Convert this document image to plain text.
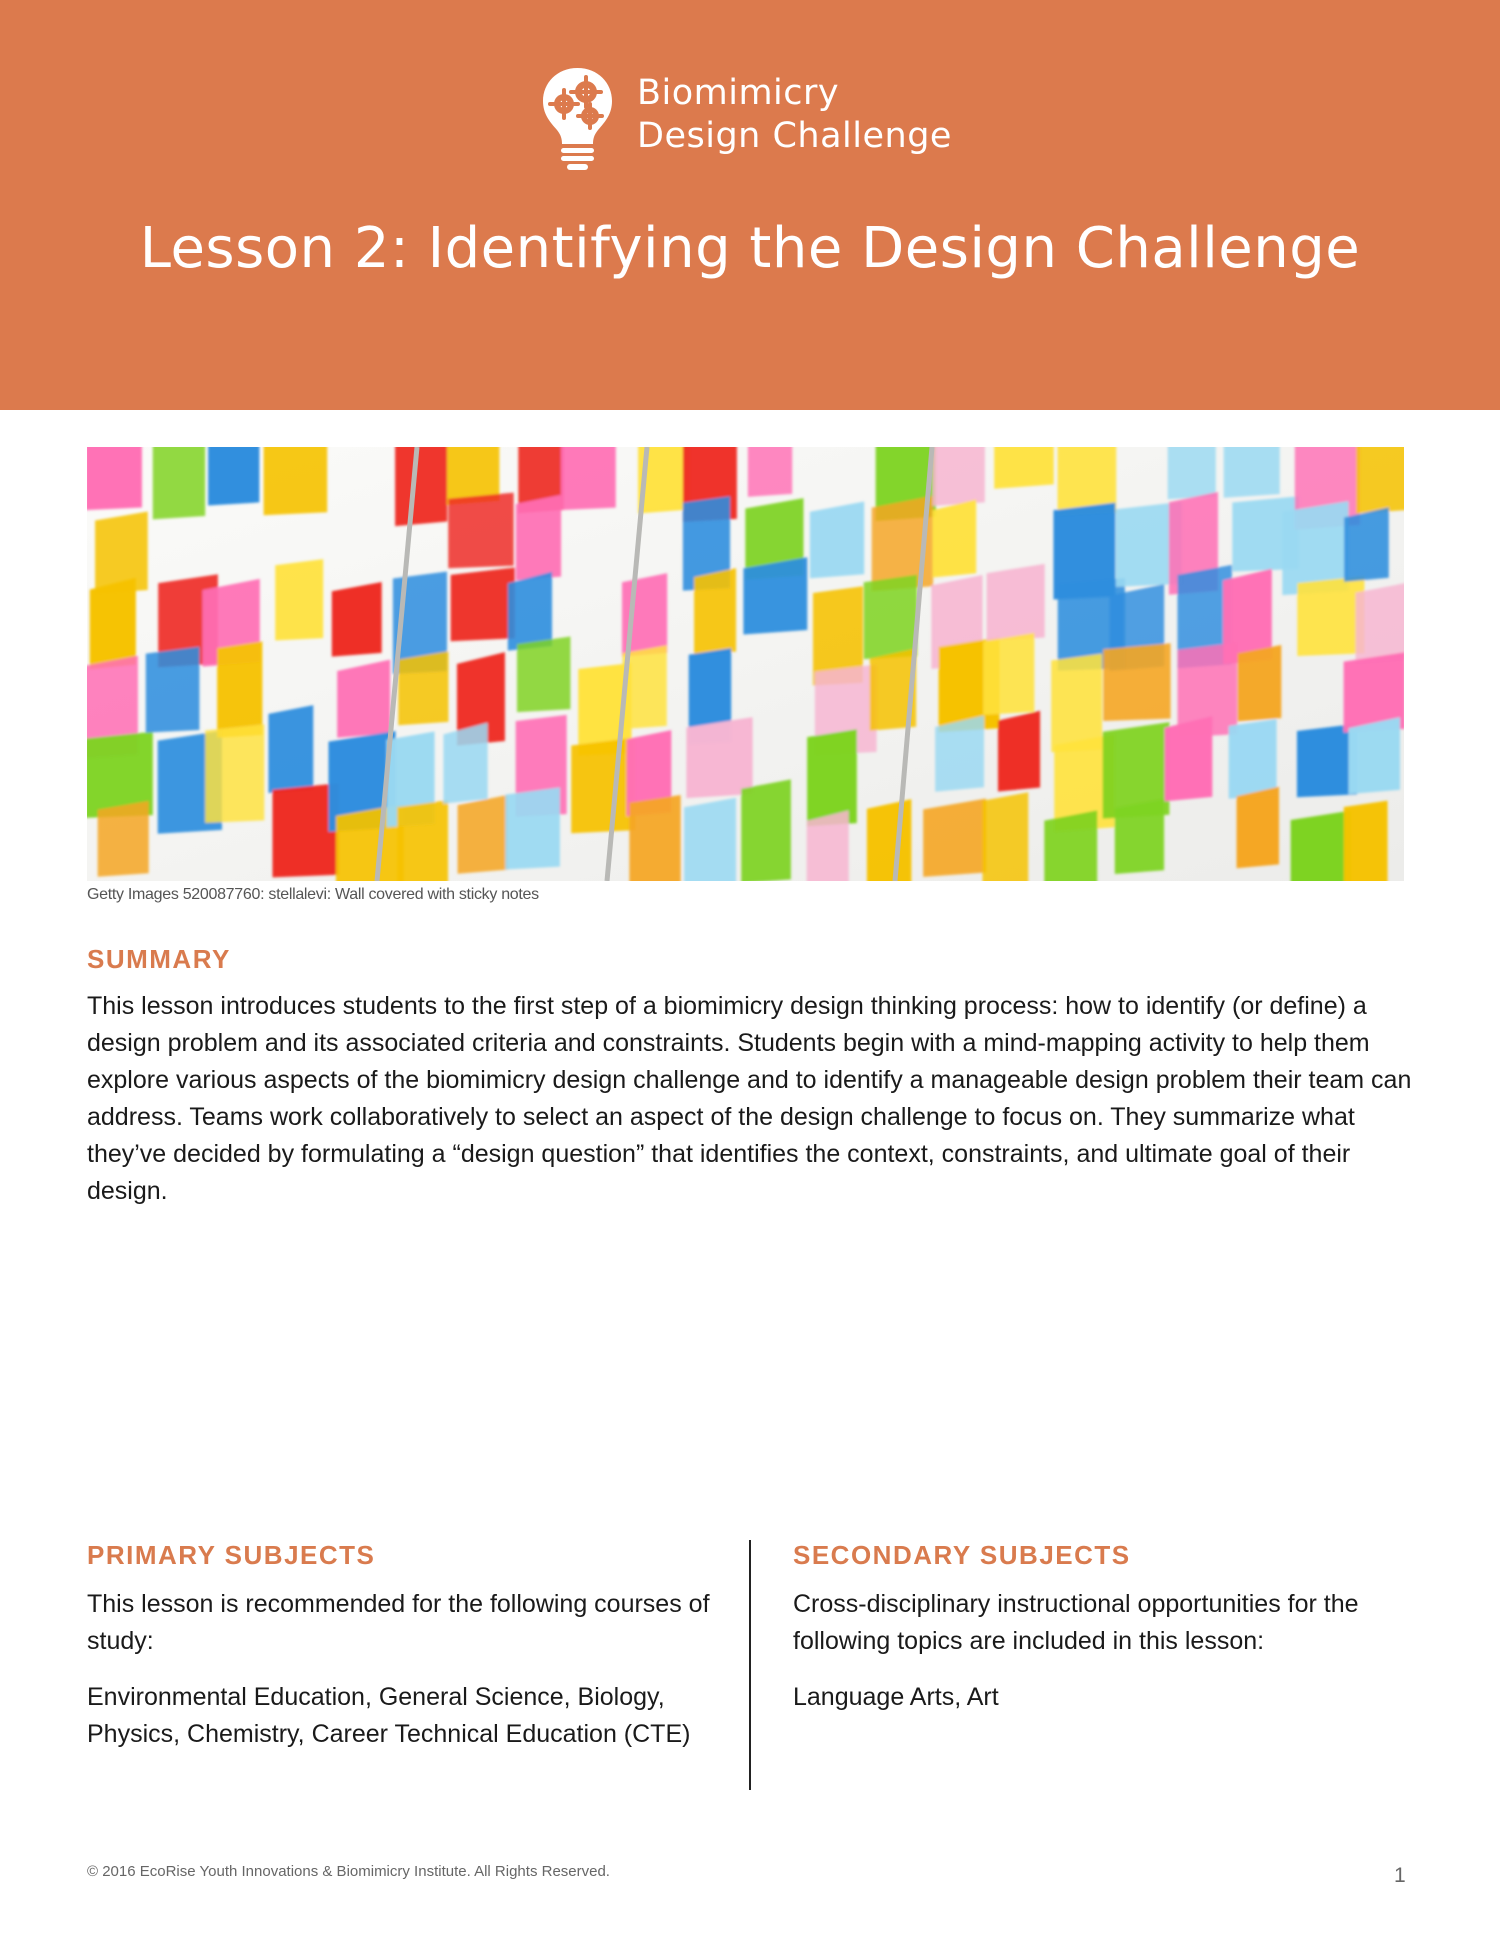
Biomimicry
Design Challenge
Lesson 2: Identifying the Design Challenge
Getty Images 520087760: stellalevi: Wall covered with sticky notes
SUMMARY
This lesson introduces students to the first step of a biomimicry design thinking process: how to identify (or define) a design problem and its associated criteria and constraints. Students begin with a mind-mapping activity to help them explore various aspects of the biomimicry design challenge and to identify a manageable design problem their team can address. Teams work collaboratively to select an aspect of the design challenge to focus on. They summarize what they’ve decided by formulating a “design question” that identifies the context, constraints, and ultimate goal of their design.
PRIMARY SUBJECTS
This lesson is recommended for the following courses of study:
Environmental Education, General Science, Biology, Physics, Chemistry, Career Technical Education (CTE)
SECONDARY SUBJECTS
Cross-disciplinary instructional opportunities for the following topics are included in this lesson:
Language Arts, Art
© 2016 EcoRise Youth Innovations & Biomimicry Institute. All Rights Reserved.	1
